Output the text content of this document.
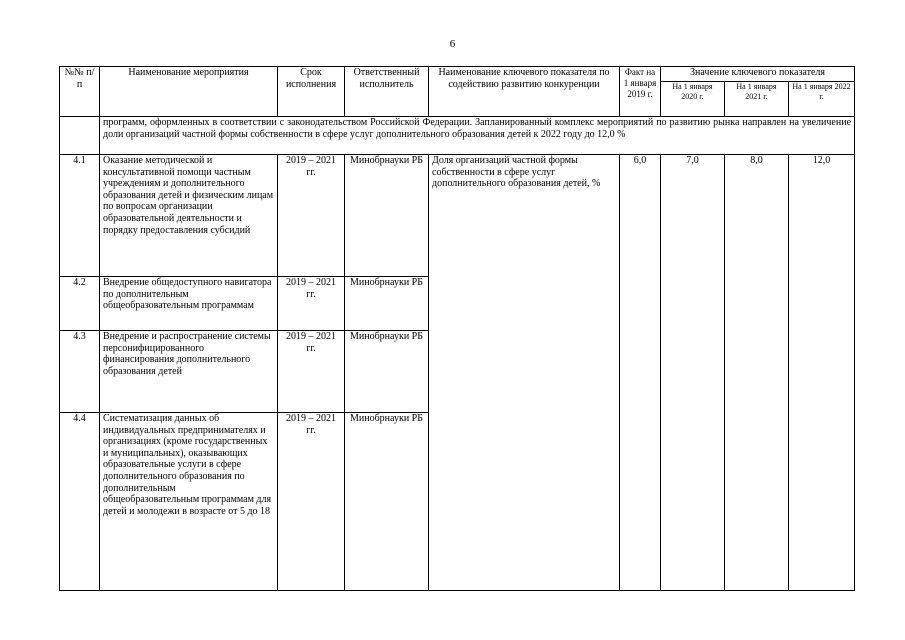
6
№№ п/п	Наименование мероприятия	Срок исполнения	Ответственный исполнитель	Наименование ключевого показателя по содействию развитию конкуренции	Факт на 1 января 2019 г.	Значение ключевого показателя		
						На 1 января 2020 г.	На 1 января 2021 г.	На 1 января 2022 г.
	программ, оформленных в соответствии с законодательством Российской Федерации. Запланированный комплекс мероприятий по развитию рынка направлен на увеличение доли организаций частной формы собственности в сфере услуг дополнительного образования детей к 2022 году до 12,0 %							
4.1	Оказание методической и консультативной помощи частным учреждениям и дополнительного образования детей и физическим лицам по вопросам организации образовательной деятельности и порядку предоставления субсидий	2019 – 2021 гг.	Минобрнауки РБ	Доля организаций частной формы собственности в сфере услуг дополнительного образования детей, %	6,0	7,0	8,0	12,0
4.2	Внедрение общедоступного навигатора по дополнительным общеобразовательным программам	2019 – 2021 гг.	Минобрнауки РБ					
4.3	Внедрение и распространение системы персонифицированного финансирования дополнительного образования детей	2019 – 2021 гг.	Минобрнауки РБ					
4.4	Систематизация данных об индивидуальных предпринимателях и организациях (кроме государственных и муниципальных), оказывающих образовательные услуги в сфере дополнительного образования по дополнительным общеобразовательным программам для детей и молодежи в возрасте от 5 до 18	2019 – 2021 гг.	Минобрнауки РБ					
